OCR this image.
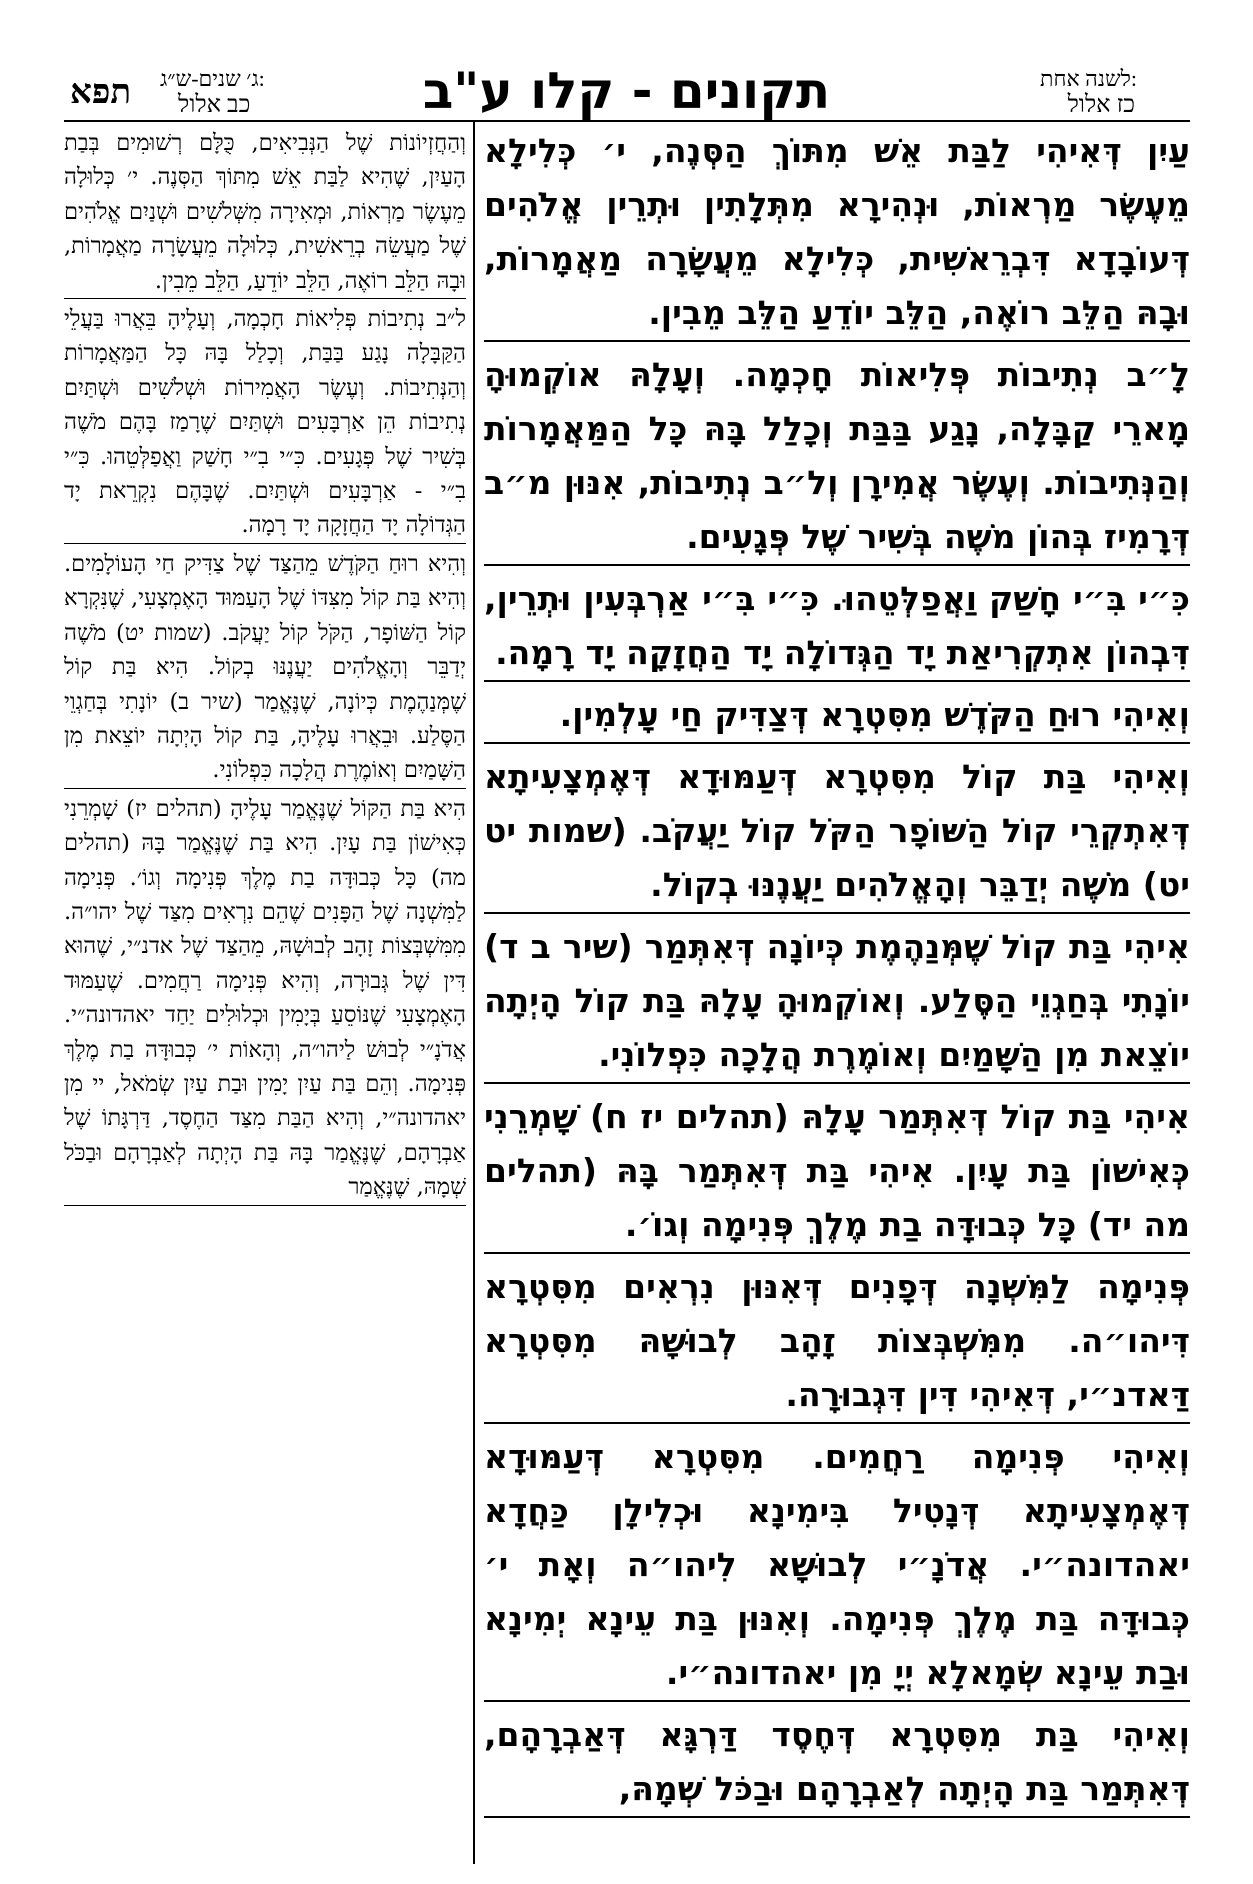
ג׳ שנים-ש״ג:
כב אלול
תפא	תקונים - קלו ע"ב	לשנה אחת:
כז אלול

עַיִן דְּאִיהִי לַבַּת אֵשׁ מִתּוֹךְ הַסְּנֶה, י׳ כְּלִילָא מֵעֶשֶׂר מַרְאוֹת, וּנְהִירָא מִתְּלָתִין וּתְרֵין אֱלֹהִים דְּעוֹבָדָא דִּבְרֵאשִׁית, כְּלִילָא מֵעֲשָׂרָה מַאֲמָרוֹת, וּבָהּ הַלֵּב רוֹאֶה, הַלֵּב יוֹדֵעַ הַלֵּב מֵבִין.

לָ״ב נְתִיבוֹת פְּלִיאוֹת חָכְמָה. וְעָלָהּ אוֹקְמוּהָ מָארֵי קַבָּלָה, נָגַע בַּבַּת וְכָלַל בָּהּ כָּל הַמַּאֲמָרוֹת וְהַנְּתִיבוֹת. וְעֶשֶׂר אֲמִירָן וְל״ב נְתִיבוֹת, אִנּוּן מ״ב דְּרָמִיז בְּהוֹן מֹשֶׁה בְּשִׁיר שֶׁל פְּגָעִים.

כִּ״י בִּ״י חָשַׁק וַאֲפַלְּטֵהוּ. כִּ״י בִּ״י אַרְבְּעִין וּתְרֵין, דִּבְהוֹן אִתְקְרִיאַת יָד הַגְּדוֹלָה יָד הַחֲזָקָה יָד רָמָה.

וְאִיהִי רוּחַ הַקֹּדֶשׁ מִסִּטְרָא דְּצַדִּיק חַי עָלְמִין.

וְאִיהִי בַּת קוֹל מִסִּטְרָא דְּעַמּוּדָא דְּאֶמְצָעִיתָא דְּאִתְקְרֵי קוֹל הַשּׁוֹפָר הַקֹּל קוֹל יַעֲקֹב. (שמות יט יט) מֹשֶׁה יְדַבֵּר וְהָאֱלֹהִים יַעֲנֶנּוּ בְקוֹל.

אִיהִי בַּת קוֹל שֶׁמְּנַהֶמֶת כְּיוֹנָה דְּאִתְּמַר (שיר ב ד) יוֹנָתִי בְּחַגְוֵי הַסֶּלַע. וְאוֹקְמוּהָ עָלָהּ בַּת קוֹל הָיְתָה יוֹצֵאת מִן הַשָּׁמַיִם וְאוֹמֶרֶת הֲלָכָה כִּפְלוֹנִי.

אִיהִי בַּת קוֹל דְּאִתְּמַר עָלָהּ (תהלים יז ח) שָׁמְרֵנִי כְּאִישׁוֹן בַּת עָיִן. אִיהִי בַּת דְּאִתְּמַר בָּהּ (תהלים מה יד) כָּל כְּבוּדָּה בַת מֶלֶךְ פְּנִימָה וְגוֹ׳.

פְּנִימָה לַמִּשְׁנָה דְּפָנִים דְּאִנּוּן נִרְאִים מִסִּטְרָא דִּיהו״ה. מִמִּשְׁבְּצוֹת זָהָב לְבוּשָׁהּ מִסִּטְרָא דַּאדנ״י, דְּאִיהִי דִּין דִּגְבוּרָה.

וְאִיהִי פְּנִימָה רַחֲמִים. מִסִּטְרָא דְּעַמּוּדָא דְּאֶמְצָעִיתָא דְּנָטִיל בִּימִינָא וּכְלִילָן כַּחֲדָא יאהדונה״י. אֲדֹנָ״י לְבוּשָׁא לִיהו״ה וְאָת י׳ כְּבוּדָּה בַּת מֶלֶךְ פְּנִימָה. וְאִנּוּן בַּת עֵינָא יְמִינָא וּבַת עֵינָא שְׂמָאלָא יְיָ מִן יאהדונה״י.

וְאִיהִי בַּת מִסִּטְרָא דְּחֶסֶד דַּרְגָּא דְּאַבְרָהָם, דְּאִתְּמַר בַּת הָיְתָה לְאַבְרָהָם וּבַכֹּל שְׁמָהּ,

וְהַחֲזְיוֹנוֹת שֶׁל הַנְּבִיאִים, כֻּלָּם רְשׁוּמִים בְּבַת הָעַיִן, שֶׁהִיא לַבַּת אֵשׁ מִתּוֹךְ הַסְּנֶה. י׳ כְּלוּלָה מֵעֶשֶׂר מַרְאוֹת, וּמְאִירָה מִשְּׁלֹשִׁים וּשְׁנַיִם אֱלֹהִים שֶׁל מַעֲשֵׂה בְרֵאשִׁית, כְּלוּלָה מֵעֲשָׂרָה מַאֲמָרוֹת, וּבָהּ הַלֵּב רוֹאֶה, הַלֵּב יוֹדֵעַ, הַלֵּב מֵבִין.

ל״ב נְתִיבוֹת פְּלִיאוֹת חָכְמָה, וְעָלֶיהָ בֵּאֲרוּ בַּעֲלֵי הַקַּבָּלָה נָגַע בַּבַּת, וְכָלַל בָּהּ כָּל הַמַּאֲמָרוֹת וְהַנְּתִיבוֹת. וְעֶשֶׂר הָאֲמִירוֹת וּשְׁלֹשִׁים וּשְׁתַּיִם נְתִיבוֹת הֵן אַרְבָּעִים וּשְׁתַּיִם שֶׁרָמַז בָּהֶם מֹשֶׁה בְּשִׁיר שֶׁל פְּגָעִים. כִּ״י בִ״י חָשַׁק וַאֲפַלְּטֵהוּ. כִּ״י בִ״י - אַרְבָּעִים וּשְׁתַּיִם. שֶׁבָּהֶם נִקְרֵאת יָד הַגְּדוֹלָה יָד הַחֲזָקָה יָד רָמָה.

וְהִיא רוּחַ הַקֹּדֶשׁ מֵהַצַּד שֶׁל צַדִּיק חַי הָעוֹלָמִים. וְהִיא בַּת קוֹל מִצִּדּוֹ שֶׁל הָעַמּוּד הָאֶמְצָעִי, שֶׁנִּקְרָא קוֹל הַשּׁוֹפָר, הַקֹּל קוֹל יַעֲקֹב. (שמות יט) מֹשֶׁה יְדַבֵּר וְהָאֱלֹהִים יַעֲנֶנּוּ בְקוֹל. הִיא בַּת קוֹל שֶׁמְּנַהֶמֶת כְּיוֹנָה, שֶׁנֶּאֱמַר (שיר ב) יוֹנָתִי בְּחַגְוֵי הַסֶּלַע. וּבֵאֲרוּ עָלֶיהָ, בַּת קוֹל הָיְתָה יוֹצֵאת מִן הַשָּׁמַיִם וְאוֹמֶרֶת הֲלָכָה כִּפְלוֹנִי.

הִיא בַּת הַקּוֹל שֶׁנֶּאֱמַר עָלֶיהָ (תהלים יז) שָׁמְרֵנִי כְּאִישׁוֹן בַּת עָיִן. הִיא בַּת שֶׁנֶּאֱמַר בָּהּ (תהלים מה) כָּל כְּבוּדָּה בַת מֶלֶךְ פְּנִימָה וְגוֹ׳. פְּנִימָה לַמִּשְׁנָה שֶׁל הַפָּנִים שֶׁהֵם נִרְאִים מִצַּד שֶׁל יהו״ה. מִמִּשְׁבְּצוֹת זָהָב לְבוּשָׁהּ, מֵהַצַּד שֶׁל אדנ״י, שֶׁהוּא דִּין שֶׁל גְּבוּרָה, וְהִיא פְּנִימָה רַחֲמִים. שֶׁעַמּוּד הָאֶמְצָעִי שֶׁנּוֹסֵעַ בְּיָמִין וּכְלוּלִים יַחַד יאהדונה״י. אֲדֹנָ״י לְבוּשׁ לַיהו״ה, וְהָאוֹת י׳ כְּבוּדָּה בַת מֶלֶךְ פְּנִימָה. וְהֵם בַּת עַיִן יָמִין וּבַת עַיִן שְׂמֹאל, יי מִן יאהדונה״י, וְהִיא הַבַּת מִצַּד הַחֶסֶד, דַּרְגָּתוֹ שֶׁל אַבְרָהָם, שֶׁנֶּאֱמַר בָּהּ בַּת הָיְתָה לְאַבְרָהָם וּבַכֹּל שְׁמָהּ, שֶׁנֶּאֱמַר
